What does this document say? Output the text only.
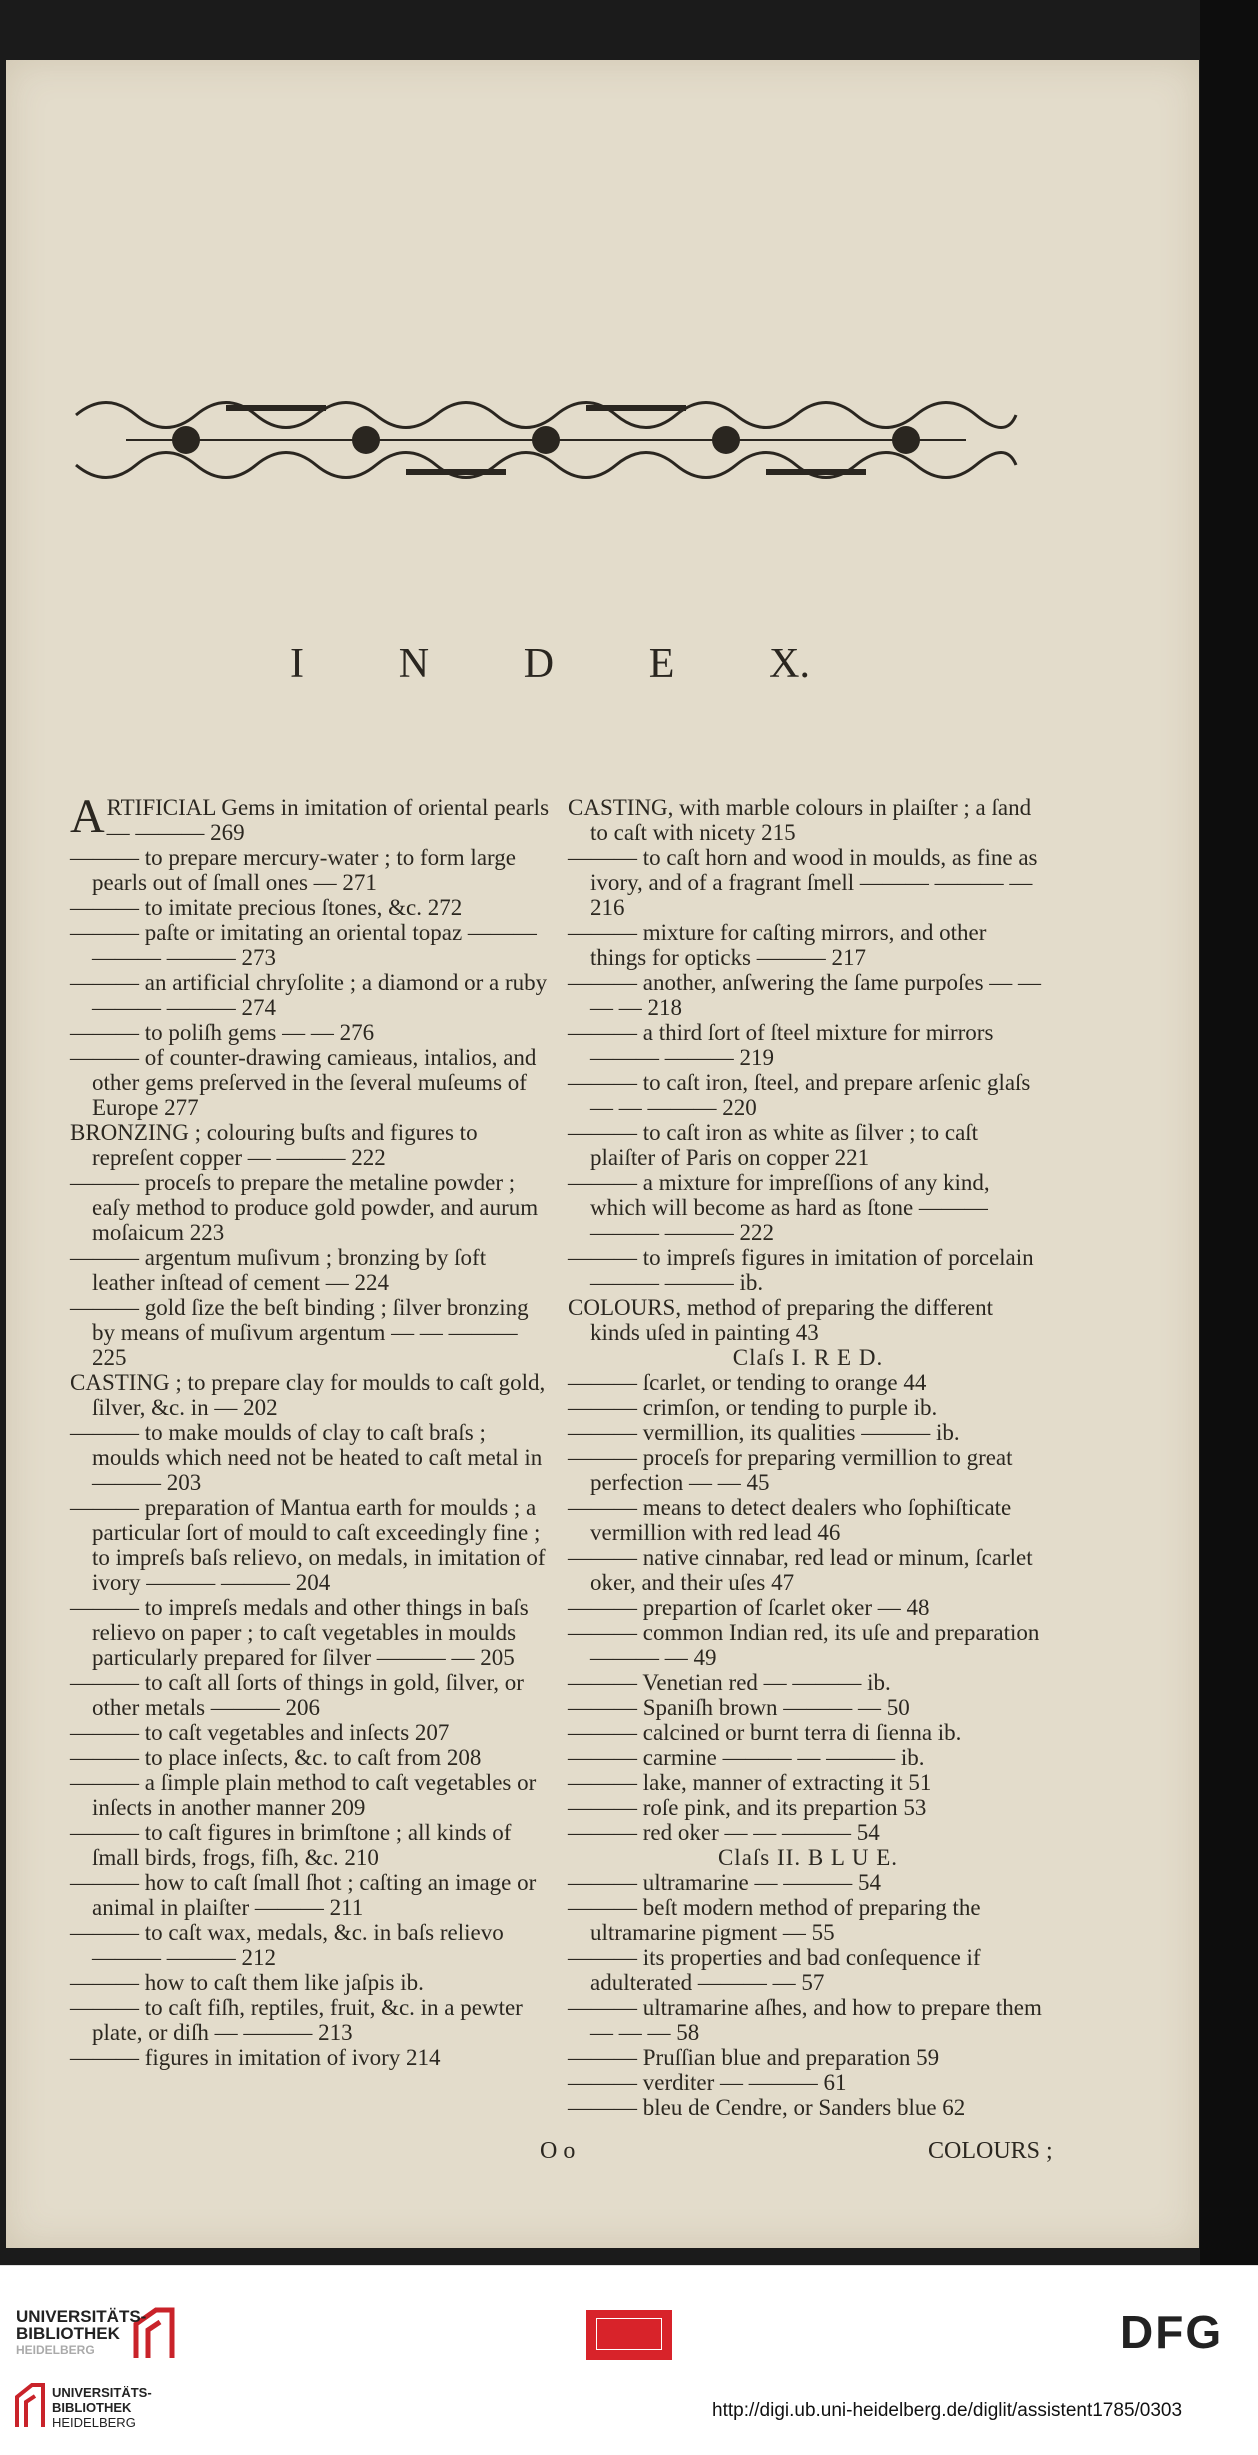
I N D E X.

ARTIFICIAL Gems in imitation of oriental pearls — ——— 269

——— to prepare mercury-water ; to form large pearls out of ſmall ones — 271

——— to imitate precious ſtones, &c. 272

——— paſte or imitating an oriental topaz ——— ——— ——— 273

——— an artificial chryſolite ; a diamond or a ruby ——— ——— 274

——— to poliſh gems — — 276

——— of counter-drawing camieaus, intalios, and other gems preſerved in the ſeveral muſeums of Europe 277

BRONZING ; colouring buſts and figures to repreſent copper — ——— 222

——— proceſs to prepare the metaline powder ; eaſy method to produce gold powder, and aurum moſaicum 223

——— argentum muſivum ; bronzing by ſoft leather inſtead of cement — 224

——— gold ſize the beſt binding ; ſilver bronzing by means of muſivum argentum — — ——— 225

CASTING ; to prepare clay for moulds to caſt gold, ſilver, &c. in — 202

——— to make moulds of clay to caſt braſs ; moulds which need not be heated to caſt metal in ——— 203

——— preparation of Mantua earth for moulds ; a particular ſort of mould to caſt exceedingly fine ; to impreſs baſs relievo, on medals, in imitation of ivory ——— ——— 204

——— to impreſs medals and other things in baſs relievo on paper ; to caſt vegetables in moulds particularly prepared for ſilver ——— — 205

——— to caſt all ſorts of things in gold, ſilver, or other metals ——— 206

——— to caſt vegetables and inſects 207

——— to place inſects, &c. to caſt from 208

——— a ſimple plain method to caſt vegetables or inſects in another manner 209

——— to caſt figures in brimſtone ; all kinds of ſmall birds, frogs, fiſh, &c. 210

——— how to caſt ſmall ſhot ; caſting an image or animal in plaiſter ——— 211

——— to caſt wax, medals, &c. in baſs relievo ——— ——— 212

——— how to caſt them like jaſpis ib.

——— to caſt fiſh, reptiles, fruit, &c. in a pewter plate, or diſh — ——— 213

——— figures in imitation of ivory 214

CASTING, with marble colours in plaiſter ; a ſand to caſt with nicety 215

——— to caſt horn and wood in moulds, as fine as ivory, and of a fragrant ſmell ——— ——— — 216

——— mixture for caſting mirrors, and other things for opticks ——— 217

——— another, anſwering the ſame purpoſes — — — — 218

——— a third ſort of ſteel mixture for mirrors ——— ——— 219

——— to caſt iron, ſteel, and prepare arſenic glaſs — — ——— 220

——— to caſt iron as white as ſilver ; to caſt plaiſter of Paris on copper 221

——— a mixture for impreſſions of any kind, which will become as hard as ſtone ——— ——— ——— 222

——— to impreſs figures in imitation of porcelain ——— ——— ib.

COLOURS, method of preparing the different kinds uſed in painting 43

Claſs I. R E D.

——— ſcarlet, or tending to orange 44

——— crimſon, or tending to purple ib.

——— vermillion, its qualities ——— ib.

——— proceſs for preparing vermillion to great perfection — — 45

——— means to detect dealers who ſophiſticate vermillion with red lead 46

——— native cinnabar, red lead or minum, ſcarlet oker, and their uſes 47

——— prepartion of ſcarlet oker — 48

——— common Indian red, its uſe and preparation ——— — 49

——— Venetian red — ——— ib.

——— Spaniſh brown ——— — 50

——— calcined or burnt terra di ſienna ib.

——— carmine ——— — ——— ib.

——— lake, manner of extracting it 51

——— roſe pink, and its prepartion 53

——— red oker — — ——— 54

Claſs II. B L U E.

——— ultramarine — ——— 54

——— beſt modern method of preparing the ultramarine pigment — 55

——— its properties and bad conſequence if adulterated ——— — 57

——— ultramarine aſhes, and how to prepare them — — — 58

——— Pruſſian blue and preparation 59

——— verditer — ——— 61

——— bleu de Cendre, or Sanders blue 62

O o	COLOURS ;
UNIVERSITÄTS-
BIBLIOTHEK
HEIDELBERG
UNIVERSITÄTS-
BIBLIOTHEK
HEIDELBERG
DFG
http://digi.ub.uni-heidelberg.de/diglit/assistent1785/0303
